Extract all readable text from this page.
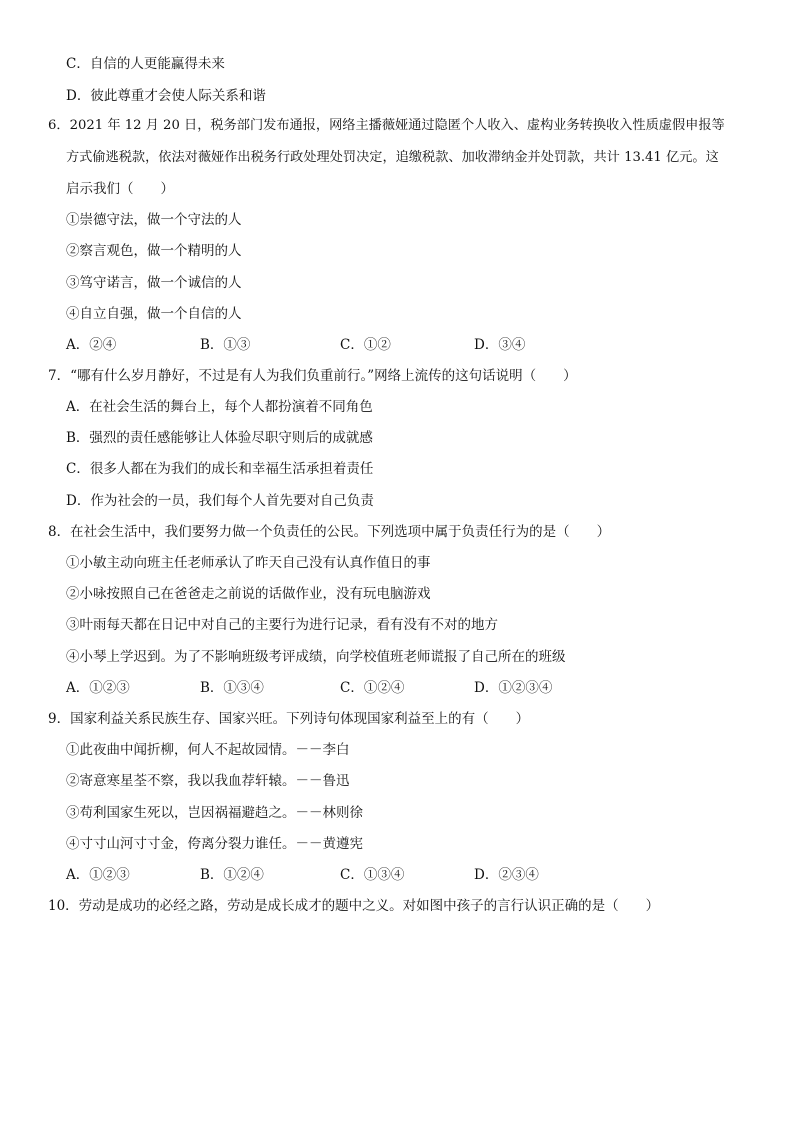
C．自信的人更能赢得未来
D．彼此尊重才会使人际关系和谐
6．2021 年 12 月 20 日，税务部门发布通报，网络主播薇娅通过隐匿个人收入、虚构业务转换收入性质虚假申报等
方式偷逃税款，依法对薇娅作出税务行政处理处罚决定，追缴税款、加收滞纳金并处罚款，共计 13.41 亿元。这
启示我们（　　）
①崇德守法，做一个守法的人
②察言观色，做一个精明的人
③笃守诺言，做一个诚信的人
④自立自强，做一个自信的人
A．②④	B．①③	C．①②	D．③④
7．“哪有什么岁月静好，不过是有人为我们负重前行。”网络上流传的这句话说明（　　）
A．在社会生活的舞台上，每个人都扮演着不同角色
B．强烈的责任感能够让人体验尽职守则后的成就感
C．很多人都在为我们的成长和幸福生活承担着责任
D．作为社会的一员，我们每个人首先要对自己负责
8．在社会生活中，我们要努力做一个负责任的公民。下列选项中属于负责任行为的是（　　）
①小敏主动向班主任老师承认了昨天自己没有认真作值日的事
②小咏按照自己在爸爸走之前说的话做作业，没有玩电脑游戏
③叶雨每天都在日记中对自己的主要行为进行记录，看有没有不对的地方
④小琴上学迟到。为了不影响班级考评成绩，向学校值班老师谎报了自己所在的班级
A．①②③	B．①③④	C．①②④	D．①②③④
9．国家利益关系民族生存、国家兴旺。下列诗句体现国家利益至上的有（　　）
①此夜曲中闻折柳，何人不起故园情。－－李白
②寄意寒星荃不察，我以我血荐轩辕。－－鲁迅
③苟利国家生死以，岂因祸福避趋之。－－林则徐
④寸寸山河寸寸金，侉离分裂力谁任。－－黄遵宪
A．①②③	B．①②④	C．①③④	D．②③④
10．劳动是成功的必经之路，劳动是成长成才的题中之义。对如图中孩子的言行认识正确的是（　　）
